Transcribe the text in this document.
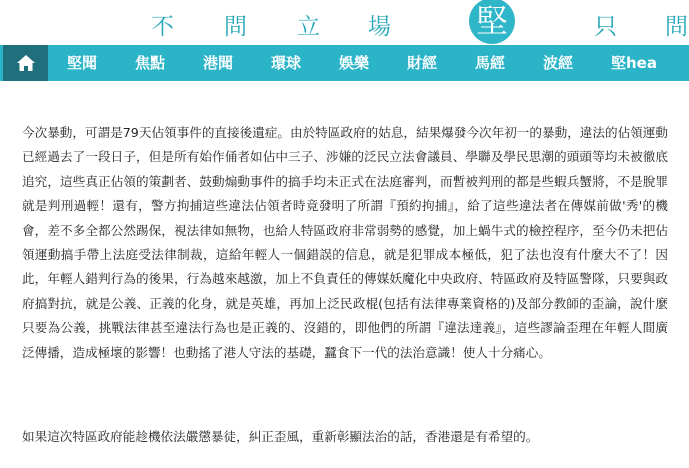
不 問 立 場	堅	只 問
堅聞	焦點	港聞	環球	娛樂	財經	馬經	波經	堅hea

今次暴動，可謂是79天佔領事件的直接後遺症。由於特區政府的姑息，結果爆發今次年初一的暴動，違法的佔領運動已經過去了一段日子，但是所有始作俑者如佔中三子、涉嫌的泛民立法會議員、學聯及學民思潮的頭頭等均未被徹底追究，這些真正佔領的策劃者、鼓動煽動事件的搞手均未正式在法庭審判，而暫被判刑的都是些蝦兵蟹將，不是脫罪就是判刑過輕！還有，警方拘捕這些違法佔領者時竟發明了所謂『預約拘捕』，給了這些違法者在傳媒前做'秀'的機會，差不多全都公然踢保，視法律如無物，也給人特區政府非常弱勢的感覺，加上蝸牛式的檢控程序，至今仍未把佔領運動搞手帶上法庭受法律制裁，這給年輕人一個錯誤的信息，就是犯罪成本極低，犯了法也沒有什麼大不了！因此，年輕人錯判行為的後果，行為越來越激，加上不負責任的傳媒妖魔化中央政府、特區政府及特區警隊，只要與政府搞對抗，就是公義、正義的化身，就是英雄，再加上泛民政棍(包括有法律專業資格的)及部分教師的歪論，說什麼只要為公義，挑戰法律甚至違法行為也是正義的、沒錯的，即他們的所謂『違法達義』，這些謬論歪理在年輕人間廣泛傳播，造成極壞的影響！也動搖了港人守法的基礎，蠶食下一代的法治意識！使人十分痛心。

如果這次特區政府能趁機依法嚴懲暴徒，糾正歪風，重新彰顯法治的話，香港還是有希望的。
